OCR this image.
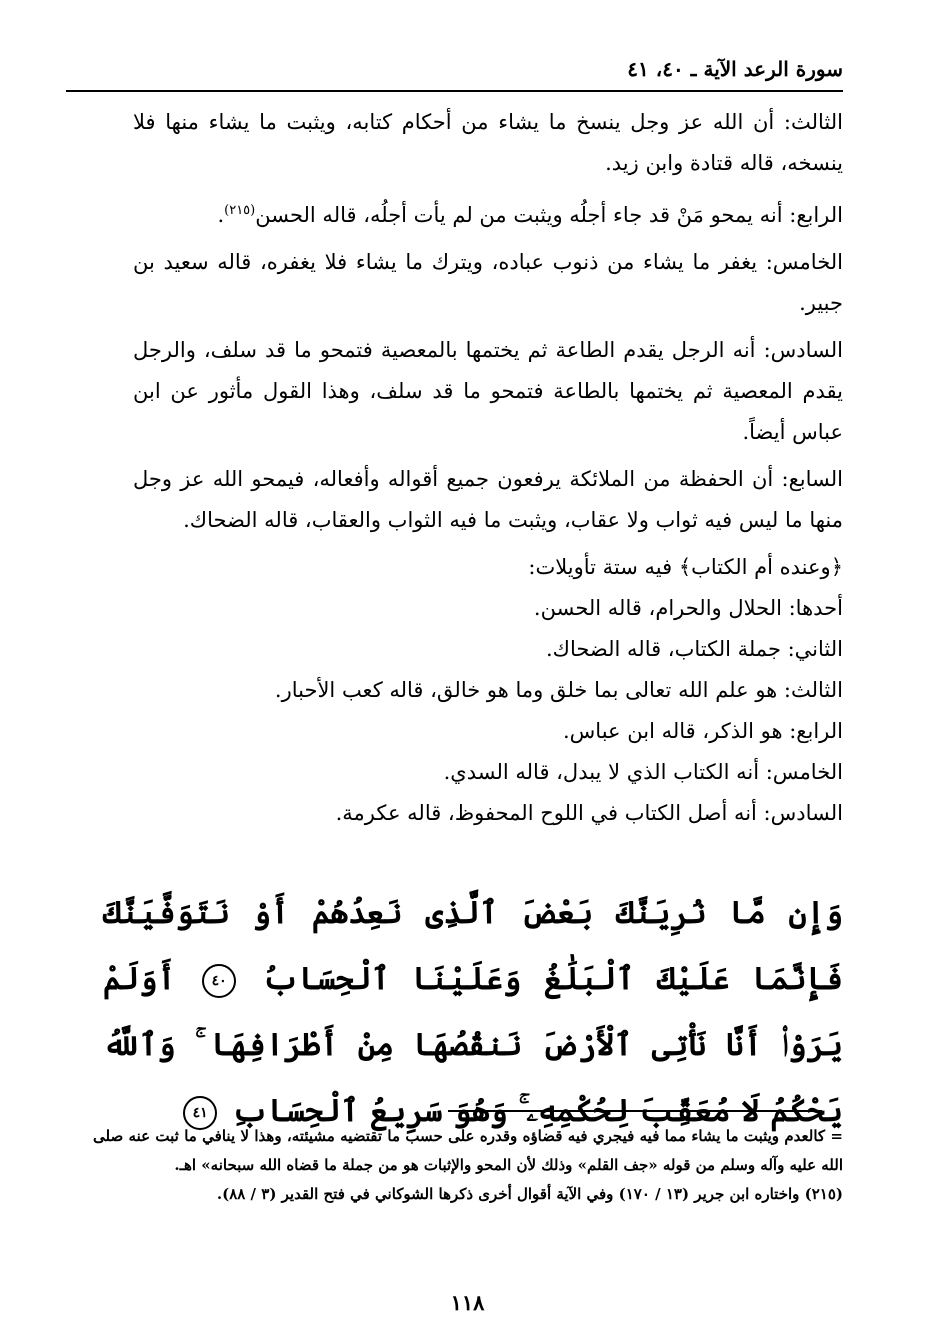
سورة الرعد الآية ـ ٤٠، ٤١

الثالث: أن الله عز وجل ينسخ ما يشاء من أحكام كتابه، ويثبت ما يشاء منها فلا ينسخه، قاله قتادة وابن زيد.

الرابع: أنه يمحو مَنْ قد جاء أجلُه ويثبت من لم يأت أجلُه، قاله الحسن$^{(٢١٥)}$.

الخامس: يغفر ما يشاء من ذنوب عباده، ويترك ما يشاء فلا يغفره، قاله سعيد بن جبير.

السادس: أنه الرجل يقدم الطاعة ثم يختمها بالمعصية فتمحو ما قد سلف، والرجل يقدم المعصية ثم يختمها بالطاعة فتمحو ما قد سلف، وهذا القول مأثور عن ابن عباس أيضاً.

السابع: أن الحفظة من الملائكة يرفعون جميع أقواله وأفعاله، فيمحو الله عز وجل منها ما ليس فيه ثواب ولا عقاب، ويثبت ما فيه الثواب والعقاب، قاله الضحاك.

﴿وعنده أم الكتاب﴾ فيه ستة تأويلات:

أحدها: الحلال والحرام، قاله الحسن.

الثاني: جملة الكتاب، قاله الضحاك.

الثالث: هو علم الله تعالى بما خلق وما هو خالق، قاله كعب الأحبار.

الرابع: هو الذكر، قاله ابن عباس.

الخامس: أنه الكتاب الذي لا يبدل، قاله السدي.

السادس: أنه أصل الكتاب في اللوح المحفوظ، قاله عكرمة.

وَإِن مَّا نُرِيَنَّكَ بَعْضَ ٱلَّذِى نَعِدُهُمْ أَوْ نَتَوَفَّيَنَّكَ فَإِنَّمَا عَلَيْكَ ٱلْبَلَٰغُ وَعَلَيْنَا ٱلْحِسَابُ ٤٠ أَوَلَمْ يَرَوْا۟ أَنَّا نَأْتِى ٱلْأَرْضَ نَنقُصُهَا مِنْ أَطْرَافِهَا ۚ وَٱللَّهُ يَحْكُمُ لَا مُعَقِّبَ لِحُكْمِهِۦ ۚ وَهُوَ سَرِيعُ ٱلْحِسَابِ ٤١

= كالعدم ويثبت ما يشاء مما فيه فيجري فيه قضاؤه وقدره على حسب ما تقتضيه مشيئته، وهذا لا ينافي ما ثبت عنه صلى الله عليه وآله وسلم من قوله «جف القلم» وذلك لأن المحو والإثبات هو من جملة ما قضاه الله سبحانه» اهـ.

(٢١٥) واختاره ابن جرير (١٣ / ١٧٠) وفي الآية أقوال أخرى ذكرها الشوكاني في فتح القدير (٣ / ٨٨).

١١٨
